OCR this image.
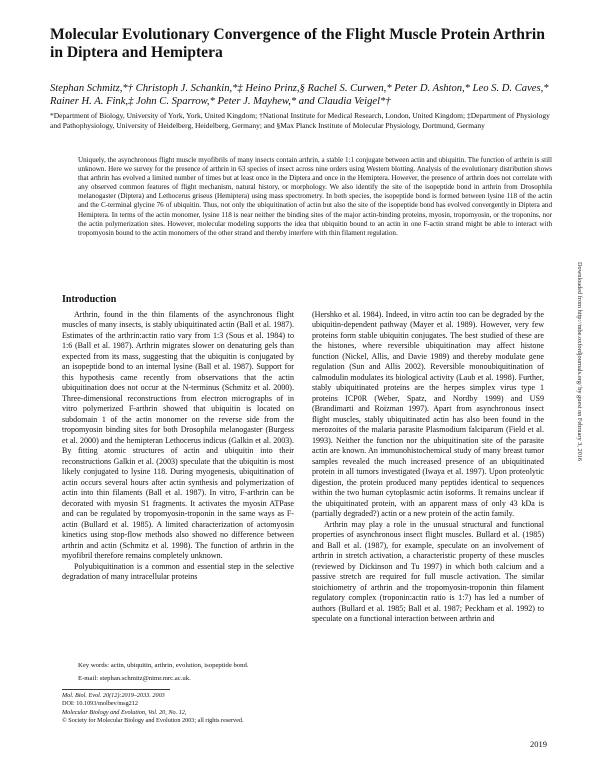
Molecular Evolutionary Convergence of the Flight Muscle Protein Arthrin in Diptera and Hemiptera
Stephan Schmitz,*† Christoph J. Schankin,*‡ Heino Prinz,§ Rachel S. Curwen,* Peter D. Ashton,* Leo S. D. Caves,* Rainer H. A. Fink,‡ John C. Sparrow,* Peter J. Mayhew,* and Claudia Veigel*†
*Department of Biology, University of York, York, United Kingdom; †National Institute for Medical Research, London, United Kingdom; ‡Department of Physiology and Pathophysiology, University of Heidelberg, Heidelberg, Germany; and §Max Planck Institute of Molecular Physiology, Dortmund, Germany
Uniquely, the asynchronous flight muscle myofibrils of many insects contain arthrin, a stable 1:1 conjugate between actin and ubiquitin. The function of arthrin is still unknown. Here we survey for the presence of arthrin in 63 species of insect across nine orders using Western blotting. Analysis of the evolutionary distribution shows that arthrin has evolved a limited number of times but at least once in the Diptera and once in the Hemiptera. However, the presence of arthrin does not correlate with any observed common features of flight mechanism, natural history, or morphology. We also identify the site of the isopeptide bond in arthrin from Drosophila melanogaster (Diptera) and Lethocerus griseus (Hemiptera) using mass spectrometry. In both species, the isopeptide bond is formed between lysine 118 of the actin and the C-terminal glycine 76 of ubiquitin. Thus, not only the ubiquitination of actin but also the site of the isopeptide bond has evolved convergently in Diptera and Hemiptera. In terms of the actin monomer, lysine 118 is near neither the binding sites of the major actin-binding proteins, myosin, tropomyosin, or the troponins, nor the actin polymerization sites. However, molecular modeling supports the idea that ubiquitin bound to an actin in one F-actin strand might be able to interact with tropomyosin bound to the actin monomers of the other strand and thereby interfere with thin filament regulation.
Introduction

Arthrin, found in the thin filaments of the asynchronous flight muscles of many insects, is stably ubiquitinated actin (Ball et al. 1987). Estimates of the arthrin:actin ratio vary from 1:3 (Sous et al. 1984) to 1:6 (Ball et al. 1987). Arthrin migrates slower on denaturing gels than expected from its mass, suggesting that the ubiquitin is conjugated by an isopeptide bond to an internal lysine (Ball et al. 1987). Support for this hypothesis came recently from observations that the actin ubiquitination does not occur at the N-terminus (Schmitz et al. 2000). Three-dimensional reconstructions from electron micrographs of in vitro polymerized F-arthrin showed that ubiquitin is located on subdomain 1 of the actin monomer on the reverse side from the tropomyosin binding sites for both Drosophila melanogaster (Burgess et al. 2000) and the hemipteran Lethocerus indicus (Galkin et al. 2003). By fitting atomic structures of actin and ubiquitin into their reconstructions Galkin et al. (2003) speculate that the ubiquitin is most likely conjugated to lysine 118. During myogenesis, ubiquitination of actin occurs several hours after actin synthesis and polymerization of actin into thin filaments (Ball et al. 1987). In vitro, F-arthrin can be decorated with myosin S1 fragments. It activates the myosin ATPase and can be regulated by tropomyosin-troponin in the same ways as F-actin (Bullard et al. 1985). A limited characterization of actomyosin kinetics using stop-flow methods also showed no difference between arthrin and actin (Schmitz et al. 1998). The function of arthrin in the myofibril therefore remains completely unknown.

Polyubiquitination is a common and essential step in the selective degradation of many intracellular proteins

(Hershko et al. 1984). Indeed, in vitro actin too can be degraded by the ubiquitin-dependent pathway (Mayer et al. 1989). However, very few proteins form stable ubiquitin conjugates. The best studied of these are the histones, where reversible ubiquitination may affect histone function (Nickel, Allis, and Davie 1989) and thereby modulate gene regulation (Sun and Allis 2002). Reversible monoubiquitination of calmodulin modulates its biological activity (Laub et al. 1998). Further, stably ubiquitinated proteins are the herpes simplex virus type 1 proteins ICP0R (Weber, Spatz, and Nordby 1999) and US9 (Brandimarti and Roizman 1997). Apart from asynchronous insect flight muscles, stably ubiquitinated actin has also been found in the merozoites of the malaria parasite Plasmodium falciparum (Field et al. 1993). Neither the function nor the ubiquitination site of the parasite actin are known. An immunohistochemical study of many breast tumor samples revealed the much increased presence of an ubiquitinated protein in all tumors investigated (Iwaya et al. 1997). Upon proteolytic digestion, the protein produced many peptides identical to sequences within the two human cytoplasmic actin isoforms. It remains unclear if the ubiquitinated protein, with an apparent mass of only 43 kDa is (partially degraded?) actin or a new protein of the actin family.

Arthrin may play a role in the unusual structural and functional properties of asynchronous insect flight muscles. Bullard et al. (1985) and Ball et al. (1987), for example, speculate on an involvement of arthrin in stretch activation, a characteristic property of these muscles (reviewed by Dickinson and Tu 1997) in which both calcium and a passive stretch are required for full muscle activation. The similar stoichiometry of arthrin and the tropomyosin-troponin thin filament regulatory complex (troponin:actin ratio is 1:7) has led a number of authors (Bullard et al. 1985; Ball et al. 1987; Peckham et al. 1992) to speculate on a functional interaction between arthrin and

Key words: actin, ubiquitin, arthrin, evolution, isopeptide bond.
E-mail: stephan.schmitz@nimr.mrc.ac.uk.
Mol. Biol. Evol. 20(12):2019–2033. 2003
DOI: 10.1093/molbev/msg212
Molecular Biology and Evolution, Vol. 20, No. 12,
© Society for Molecular Biology and Evolution 2003; all rights reserved.
Downloaded from http://mbe.oxfordjournals.org/ by guest on February 3, 2016
2019
